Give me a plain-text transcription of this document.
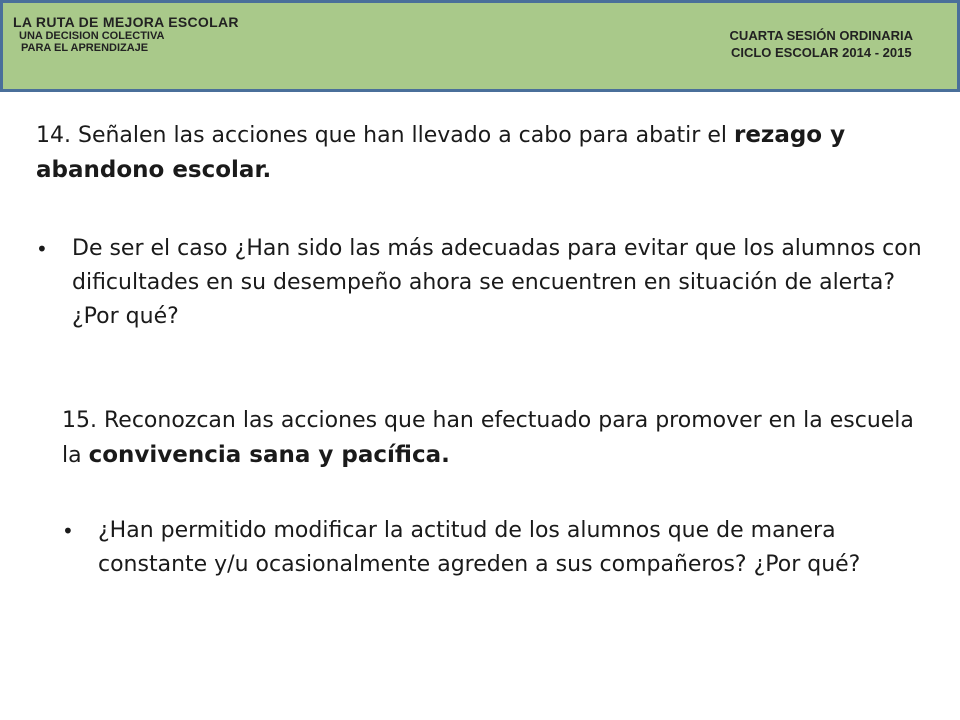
LA RUTA DE MEJORA ESCOLAR
UNA DECISION COLECTIVA
PARA EL APRENDIZAJE
CUARTA SESIÓN ORDINARIA
CICLO ESCOLAR 2014 - 2015
14. Señalen las acciones que han llevado a cabo para abatir el rezago y abandono escolar.
•	De ser el caso ¿Han sido las más adecuadas para evitar que los alumnos con dificultades en su desempeño ahora se encuentren en situación de alerta? ¿Por qué?
15. Reconozcan las acciones que han efectuado para promover en la escuela la convivencia sana y pacífica.
•	¿Han permitido modificar la actitud de los alumnos que de manera constante y/u ocasionalmente agreden a sus compañeros? ¿Por qué?
